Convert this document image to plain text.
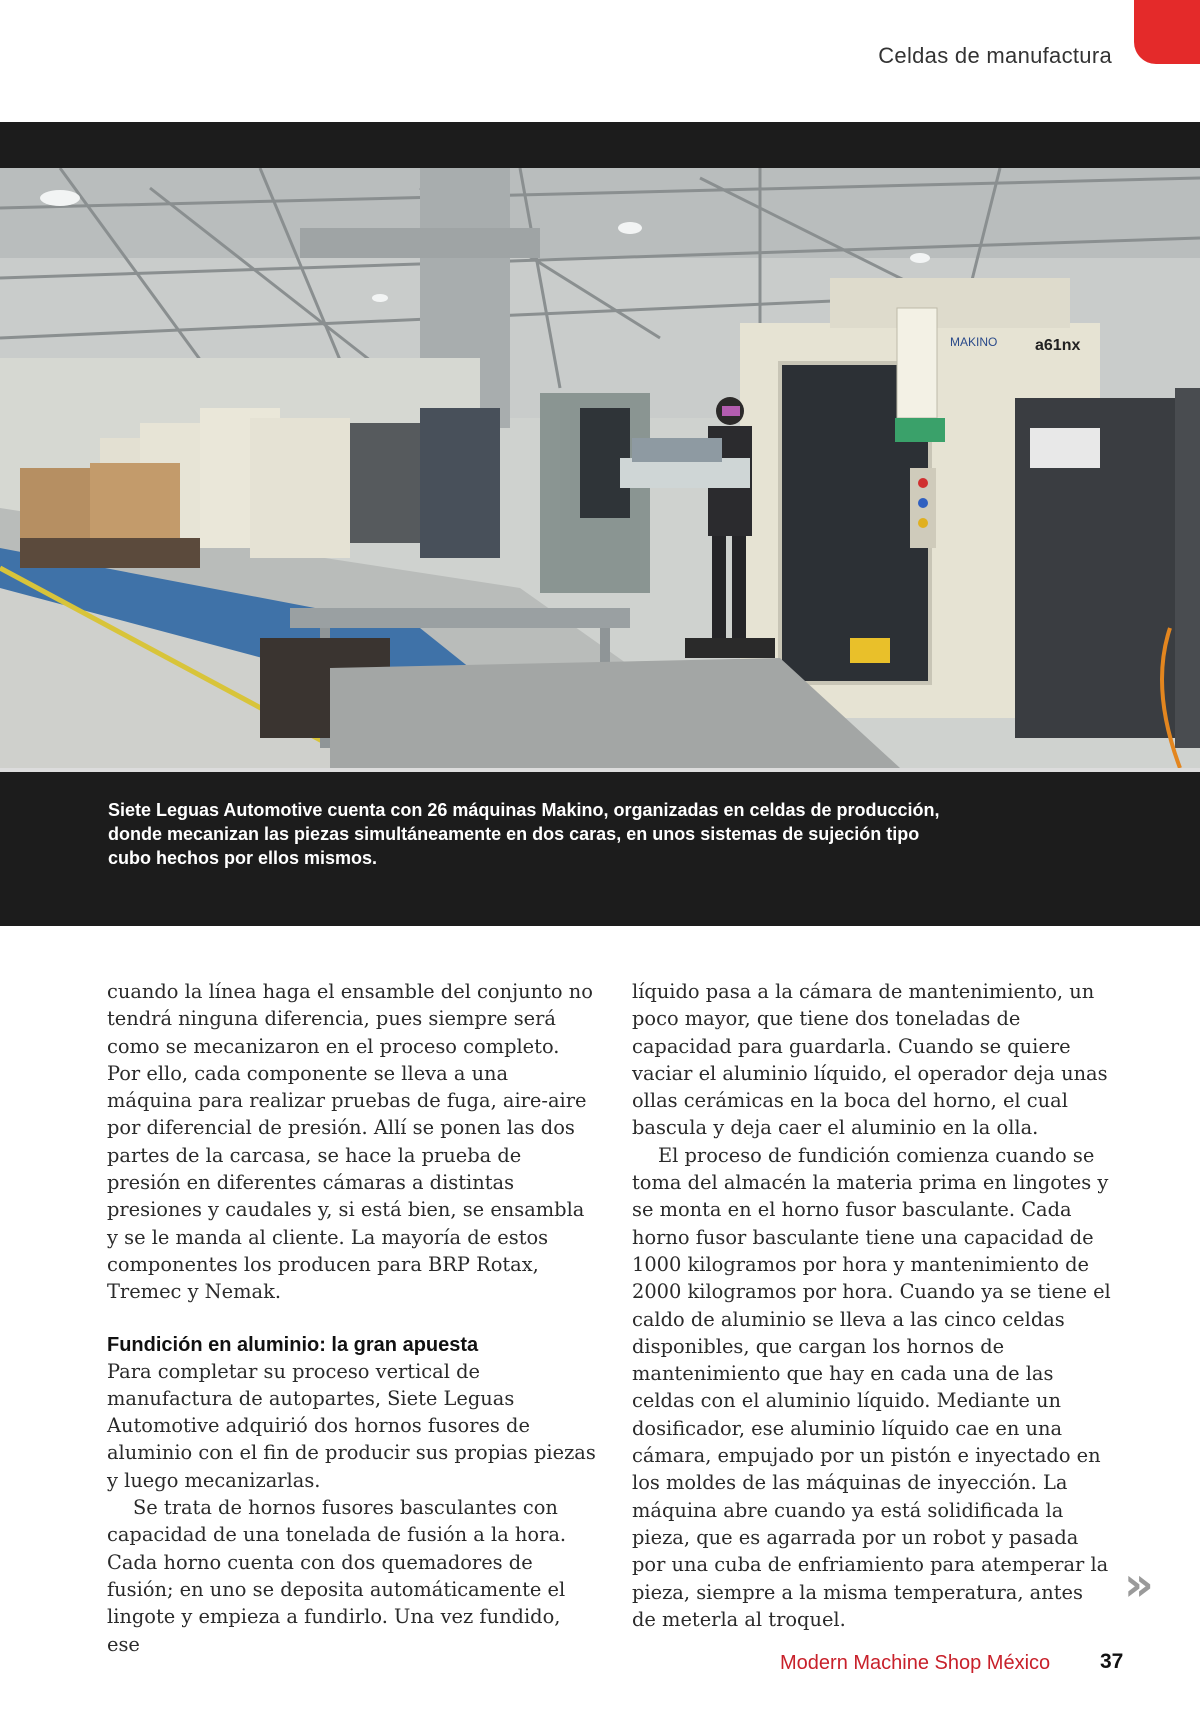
Celdas de manufactura
MAKINO a61nx
Siete Leguas Automotive cuenta con 26 máquinas Makino, organizadas en celdas de producción, donde mecanizan las piezas simultáneamente en dos caras, en unos sistemas de sujeción tipo cubo hechos por ellos mismos.

cuando la línea haga el ensamble del conjunto no tendrá ninguna diferencia, pues siempre será como se mecanizaron en el proceso completo. Por ello, cada componente se lleva a una máquina para realizar pruebas de fuga, aire-aire por diferencial de presión. Allí se ponen las dos partes de la carcasa, se hace la prueba de presión en diferentes cámaras a distintas presiones y caudales y, si está bien, se ensambla y se le manda al cliente. La mayoría de estos componentes los producen para BRP Rotax, Tremec y Nemak.

Fundición en aluminio: la gran apuesta

Para completar su proceso vertical de manufactura de autopartes, Siete Leguas Automotive adquirió dos hornos fusores de aluminio con el fin de producir sus propias piezas y luego mecanizarlas.

Se trata de hornos fusores basculantes con capacidad de una tonelada de fusión a la hora. Cada horno cuenta con dos quemadores de fusión; en uno se deposita automáticamente el lingote y empieza a fundirlo. Una vez fundido, ese

líquido pasa a la cámara de mantenimiento, un poco mayor, que tiene dos toneladas de capacidad para guardarla. Cuando se quiere vaciar el aluminio líquido, el operador deja unas ollas cerámicas en la boca del horno, el cual bascula y deja caer el aluminio en la olla.

El proceso de fundición comienza cuando se toma del almacén la materia prima en lingotes y se monta en el horno fusor basculante. Cada horno fusor basculante tiene una capacidad de 1000 kilogramos por hora y mantenimiento de 2000 kilogramos por hora. Cuando ya se tiene el caldo de aluminio se lleva a las cinco celdas disponibles, que cargan los hornos de mantenimiento que hay en cada una de las celdas con el aluminio líquido. Mediante un dosificador, ese aluminio líquido cae en una cámara, empujado por un pistón e inyectado en los moldes de las máquinas de inyección. La máquina abre cuando ya está solidificada la pieza, que es agarrada por un robot y pasada por una cuba de enfriamiento para atemperar la pieza, siempre a la misma temperatura, antes de meterla al troquel.

»
Modern Machine Shop México 37
